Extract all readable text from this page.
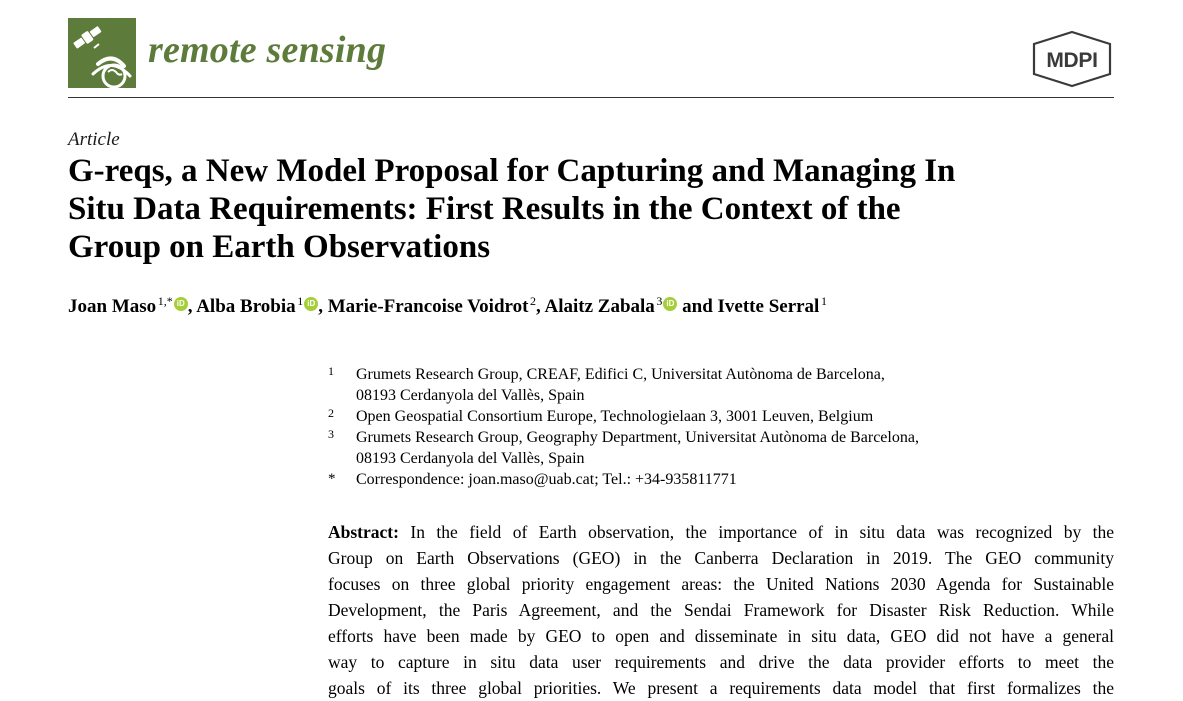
remote sensing	MDPI
Article
G-reqs, a New Model Proposal for Capturing and Managing In
Situ Data Requirements: First Results in the Context of the
Group on Earth Observations
Joan Maso  $^{1,*}$ iD , Alba Brobia  $^1$ iD , Marie-Francoise Voidrot  $^2$, Alaitz Zabala  $^3$ iD and Ivette Serral  $^1$
1 Grumets Research Group, CREAF, Edifici C, Universitat Autònoma de Barcelona,
08193 Cerdanyola del Vallès, Spain
2 Open Geospatial Consortium Europe, Technologielaan 3, 3001 Leuven, Belgium
3 Grumets Research Group, Geography Department, Universitat Autònoma de Barcelona,
08193 Cerdanyola del Vallès, Spain
* Correspondence: joan.maso@uab.cat; Tel.: +34-935811771
Abstract: In the field of Earth observation, the importance of in situ data was recognized by the
Group on Earth Observations (GEO) in the Canberra Declaration in 2019. The GEO community
focuses on three global priority engagement areas: the United Nations 2030 Agenda for Sustainable
Development, the Paris Agreement, and the Sendai Framework for Disaster Risk Reduction. While
efforts have been made by GEO to open and disseminate in situ data, GEO did not have a general
way to capture in situ data user requirements and drive the data provider efforts to meet the
goals of its three global priorities. We present a requirements data model that first formalizes the
